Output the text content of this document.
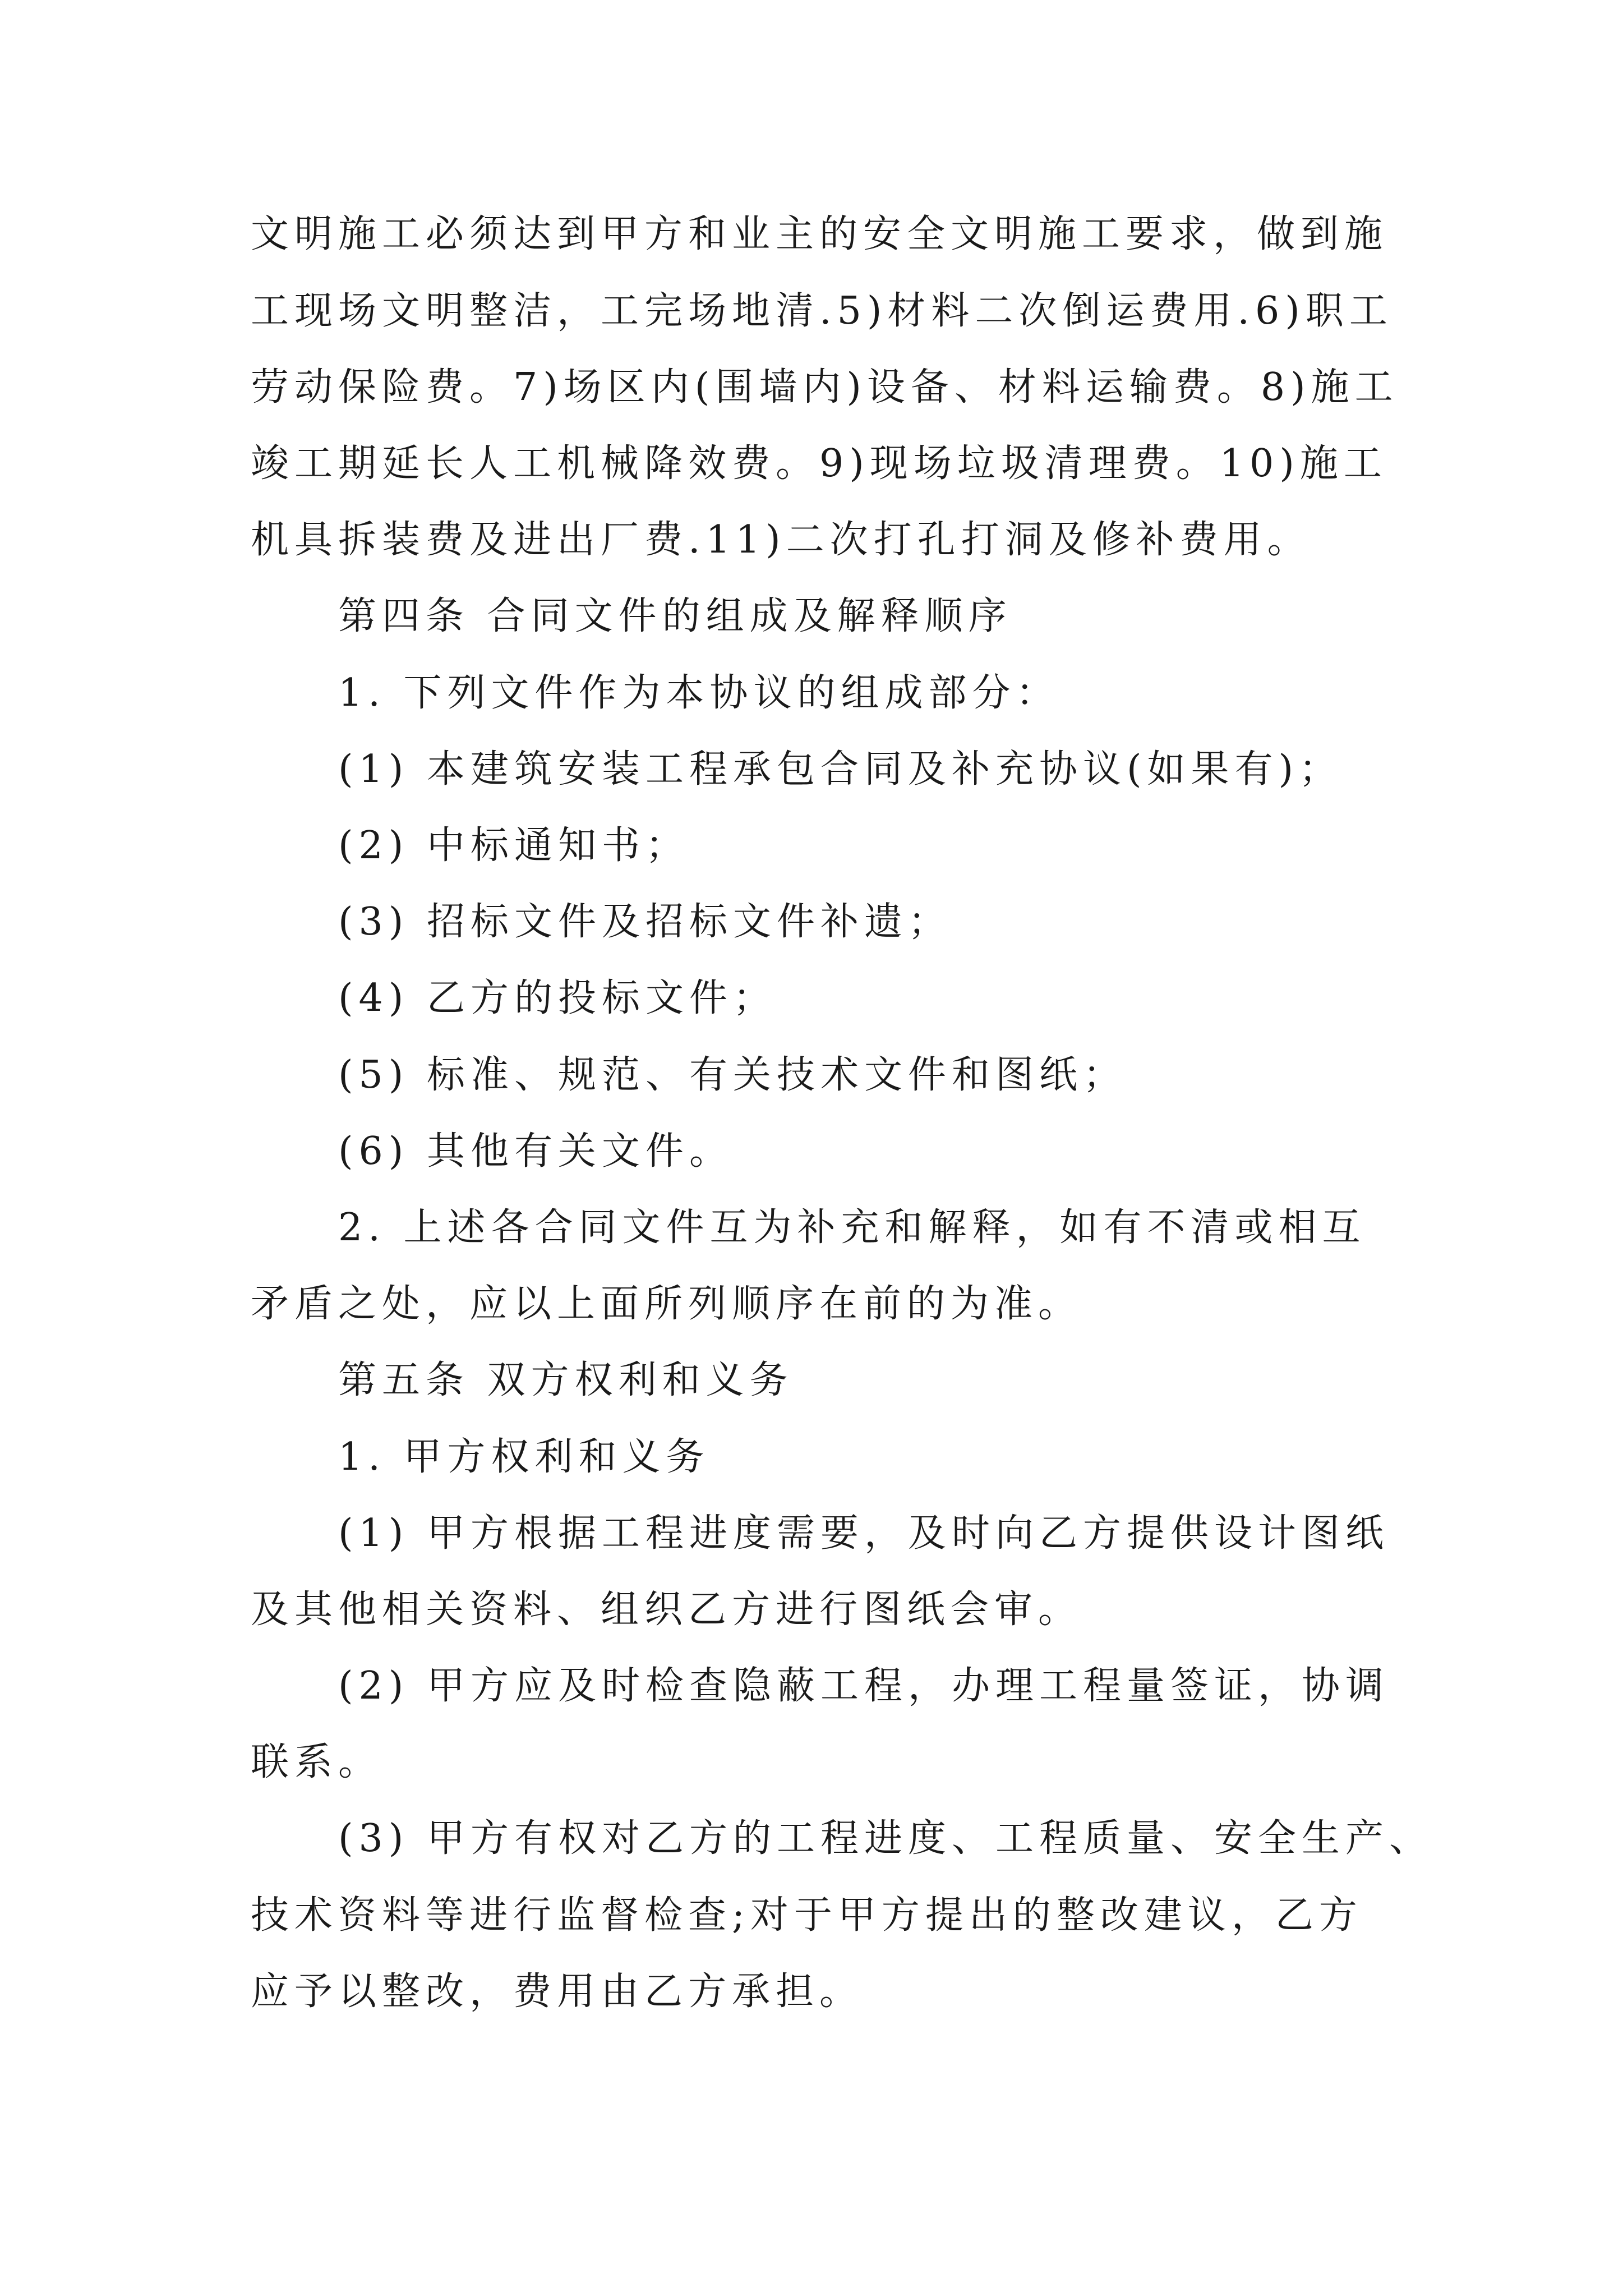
文明施工必须达到甲方和业主的安全文明施工要求，做到施
工现场文明整洁，工完场地清.5)材料二次倒运费用.6)职工
劳动保险费。7)场区内(围墙内)设备、材料运输费。8)施工
竣工期延长人工机械降效费。9)现场垃圾清理费。10)施工
机具拆装费及进出厂费.11)二次打孔打洞及修补费用。
第四条 合同文件的组成及解释顺序
1. 下列文件作为本协议的组成部分：
(1) 本建筑安装工程承包合同及补充协议(如果有)；
(2) 中标通知书；
(3) 招标文件及招标文件补遗；
(4) 乙方的投标文件；
(5) 标准、规范、有关技术文件和图纸；
(6) 其他有关文件。
2. 上述各合同文件互为补充和解释，如有不清或相互
矛盾之处，应以上面所列顺序在前的为准。
第五条 双方权利和义务
1. 甲方权利和义务
(1) 甲方根据工程进度需要，及时向乙方提供设计图纸
及其他相关资料、组织乙方进行图纸会审。
(2) 甲方应及时检查隐蔽工程，办理工程量签证，协调
联系。
(3) 甲方有权对乙方的工程进度、工程质量、安全生产、
技术资料等进行监督检查;对于甲方提出的整改建议，乙方
应予以整改，费用由乙方承担。
